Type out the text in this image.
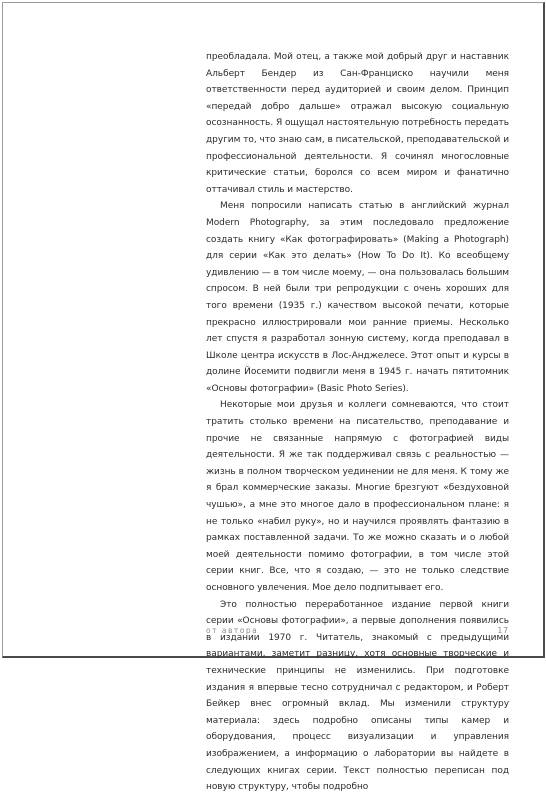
преобладала. Мой отец, а также мой добрый друг и наставник Альберт Бендер из Сан-Франциско научили меня ответственности перед аудиторией и своим делом. Принцип «передай добро дальше» отражал высокую социальную осознанность. Я ощущал настоятельную потребность передать другим то, что знаю сам, в писательской, преподавательской и профессиональной деятельности. Я сочинял многословные критические статьи, боролся со всем миром и фанатично оттачивал стиль и мастерство.

Меня попросили написать статью в английский журнал Modern Photography, за этим последовало предложение создать книгу «Как фотографировать» (Making a Photograph) для серии «Как это делать» (How To Do It). Ко всеобщему удивлению — в том числе моему, — она пользовалась большим спросом. В ней были три репродукции с очень хороших для того времени (1935 г.) качеством высокой печати, которые прекрасно иллюстрировали мои ранние приемы. Несколько лет спустя я разработал зонную систему, когда преподавал в Школе центра искусств в Лос-Анджелесе. Этот опыт и курсы в долине Йосемити подвигли меня в 1945 г. начать пятитомник «Основы фотографии» (Basic Photo Series).

Некоторые мои друзья и коллеги сомневаются, что стоит тратить столько времени на писательство, преподавание и прочие не связанные напрямую с фотографией виды деятельности. Я же так поддерживал связь с реальностью — жизнь в полном творческом уединении не для меня. К тому же я брал коммерческие заказы. Многие брезгуют «бездуховной чушью», а мне это многое дало в профессиональном плане: я не только «набил руку», но и научился проявлять фантазию в рамках поставленной задачи. То же можно сказать и о любой моей деятельности помимо фотографии, в том числе этой серии книг. Все, что я создаю, — это не только следствие основного увлечения. Мое дело подпитывает его.

Это полностью переработанное издание первой книги серии «Основы фотографии», а первые дополнения появились в издании 1970 г. Читатель, знакомый с предыдущими вариантами, заметит разницу, хотя основные творческие и технические принципы не изменились. При подготовке издания я впервые тесно сотрудничал с редактором, и Роберт Бейкер внес огромный вклад. Мы изменили структуру материала: здесь подробно описаны типы камер и оборудования, процесс визуализации и управления изображением, а информацию о лаборатории вы найдете в следующих книгах серии. Текст полностью переписан под новую структуру, чтобы подробно

от автора	17
